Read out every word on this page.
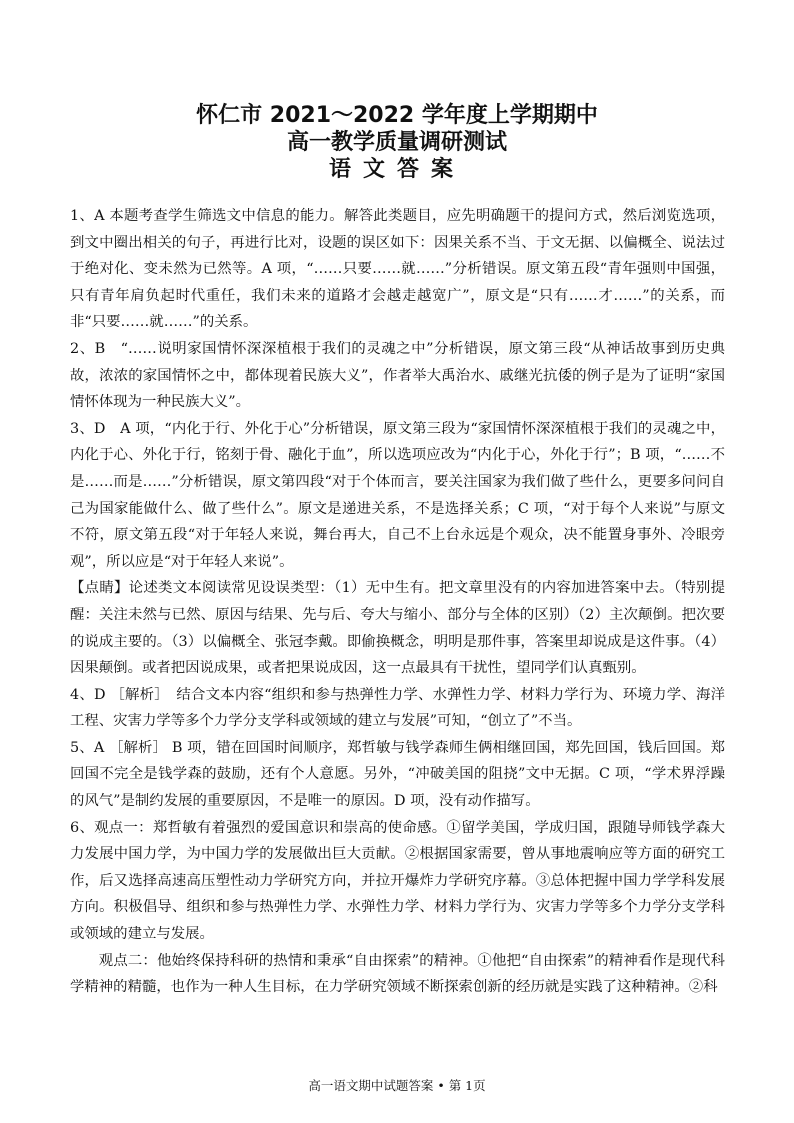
怀仁市 2021～2022 学年度上学期期中
高一教学质量调研测试
语文答案

1、A 本题考查学生筛选文中信息的能力。解答此类题目，应先明确题干的提问方式，然后浏览选项，到文中圈出相关的句子，再进行比对，设题的误区如下：因果关系不当、于文无据、以偏概全、说法过于绝对化、变未然为已然等。A 项，“……只要……就……”分析错误。原文第五段“青年强则中国强，只有青年肩负起时代重任，我们未来的道路才会越走越宽广”，原文是“只有……才……”的关系，而非“只要……就……”的关系。

2、B　“……说明家国情怀深深植根于我们的灵魂之中”分析错误，原文第三段“从神话故事到历史典故，浓浓的家国情怀之中，都体现着民族大义”，作者举大禹治水、戚继光抗倭的例子是为了证明“家国情怀体现为一种民族大义”。

3、D　A 项，“内化于行、外化于心”分析错误，原文第三段为“家国情怀深深植根于我们的灵魂之中，内化于心、外化于行，铭刻于骨、融化于血”，所以选项应改为“内化于心，外化于行”；B 项，“……不是……而是……”分析错误，原文第四段“对于个体而言，要关注国家为我们做了些什么，更要多问问自己为国家能做什么、做了些什么”。原文是递进关系，不是选择关系；C 项，“对于每个人来说”与原文不符，原文第五段“对于年轻人来说，舞台再大，自己不上台永远是个观众，决不能置身事外、冷眼旁观”，所以应是“对于年轻人来说”。

【点睛】论述类文本阅读常见设误类型：（1）无中生有。把文章里没有的内容加进答案中去。（特别提醒：关注未然与已然、原因与结果、先与后、夸大与缩小、部分与全体的区别）（2）主次颠倒。把次要的说成主要的。（3）以偏概全、张冠李戴。即偷换概念，明明是那件事，答案里却说成是这件事。（4）因果颠倒。或者把因说成果，或者把果说成因，这一点最具有干扰性，望同学们认真甄别。

4、D ［解析］　结合文本内容“组织和参与热弹性力学、水弹性力学、材料力学行为、环境力学、海洋工程、灾害力学等多个力学分支学科或领域的建立与发展”可知，“创立了”不当。

5、A ［解析］ B 项，错在回国时间顺序，郑哲敏与钱学森师生俩相继回国，郑先回国，钱后回国。郑回国不完全是钱学森的鼓励，还有个人意愿。另外，“冲破美国的阻挠”文中无据。C 项，“学术界浮躁的风气”是制约发展的重要原因，不是唯一的原因。D 项，没有动作描写。

6、观点一：郑哲敏有着强烈的爱国意识和崇高的使命感。①留学美国，学成归国，跟随导师钱学森大力发展中国力学，为中国力学的发展做出巨大贡献。②根据国家需要，曾从事地震响应等方面的研究工作，后又选择高速高压塑性动力学研究方向，并拉开爆炸力学研究序幕。③总体把握中国力学学科发展方向。积极倡导、组织和参与热弹性力学、水弹性力学、材料力学行为、灾害力学等多个力学分支学科或领域的建立与发展。

观点二：他始终保持科研的热情和秉承“自由探索”的精神。①他把“自由探索”的精神看作是现代科学精神的精髓，也作为一种人生目标，在力学研究领域不断探索创新的经历就是实践了这种精神。②科

高一语文期中试题答案 • 第 1页
